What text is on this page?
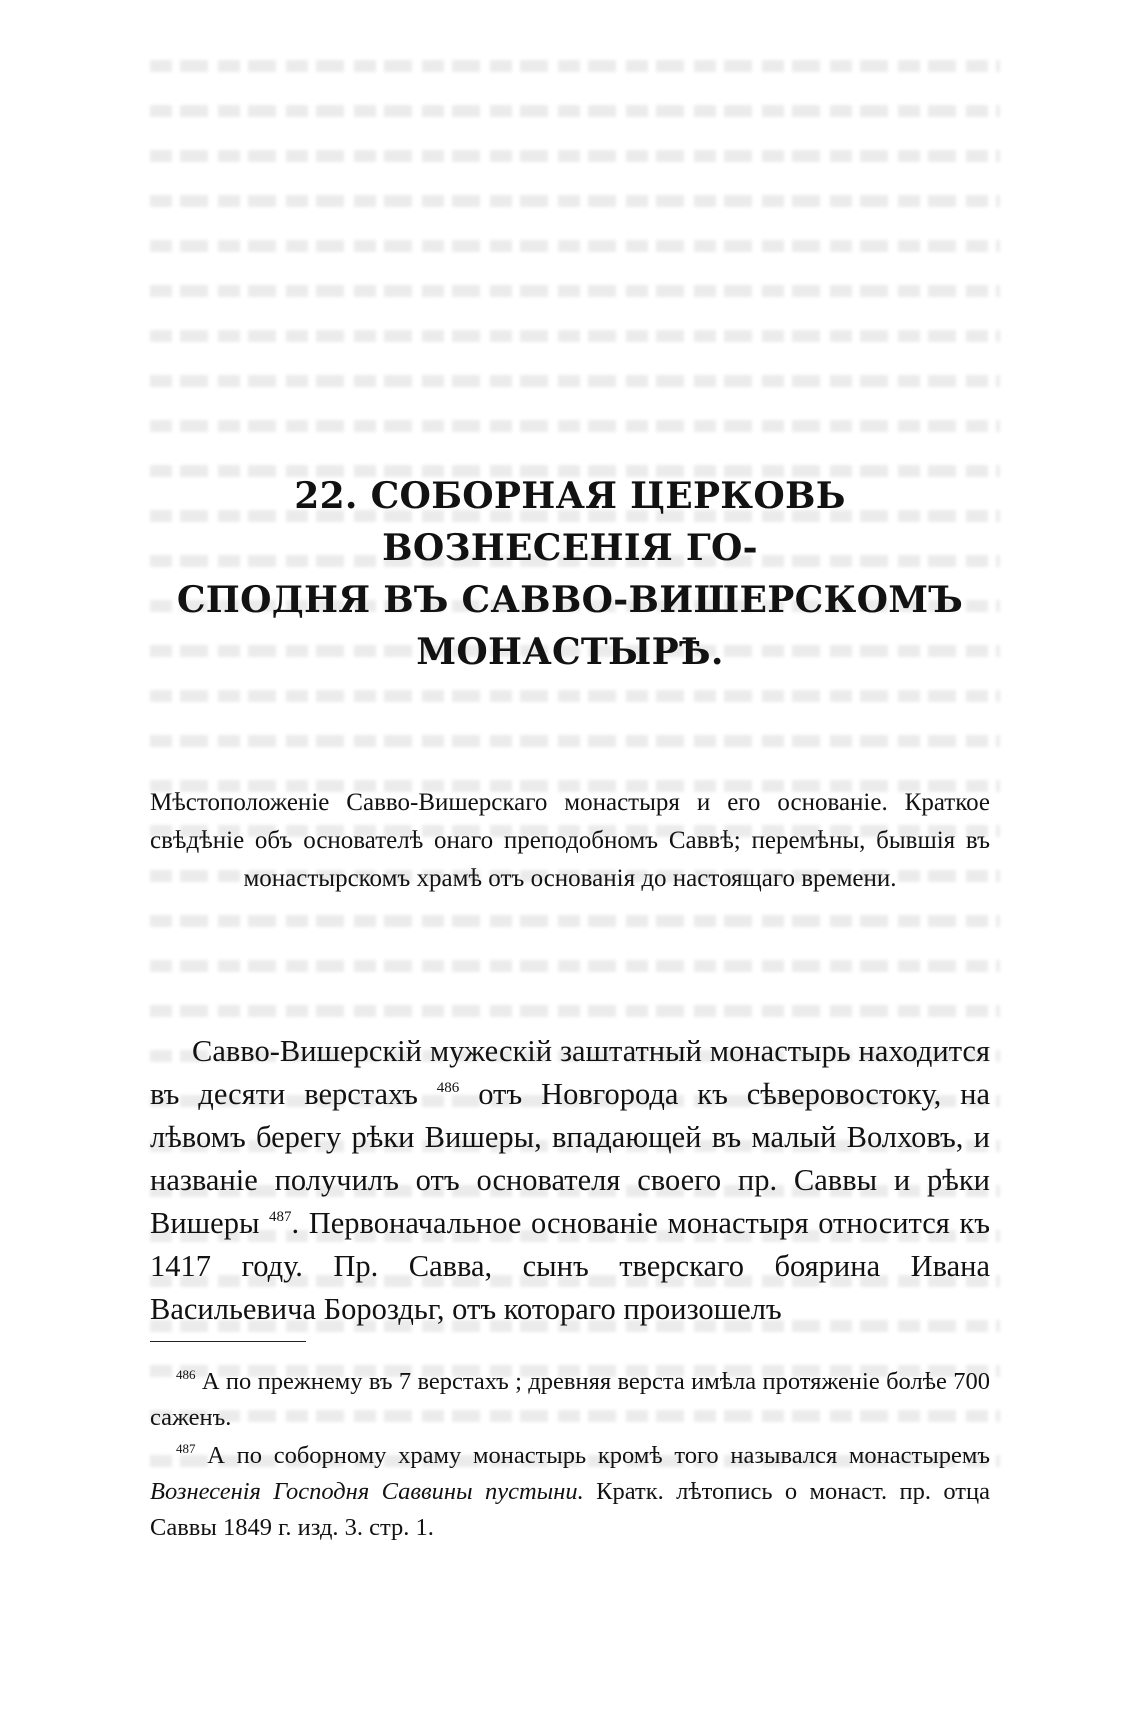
22. СОБОРНАЯ ЦЕРКОВЬ ВОЗНЕСЕНІЯ ГО-
СПОДНЯ ВЪ САВВО-ВИШЕРСКОМЪ
МОНАСТЫРѢ.
Мѣстоположеніе Савво-Вишерскаго монастыря и его основаніе. Краткое свѣдѣніе объ основателѣ онаго преподобномъ Саввѣ; перемѣны, бывшія въ монастырскомъ храмѣ отъ основанія до настоящаго времени.

Савво-Вишерскій мужескій заштатный монастырь находится въ десяти верстахъ $^{486}$ отъ Новгорода къ сѣверовостоку, на лѣвомъ берегу рѣки Вишеры, впадающей въ малый Волховъ, и названіе получилъ отъ основателя своего пр. Саввы и рѣки Вишеры $^{487}$. Первоначальное основаніе монастыря относится къ 1417 году. Пр. Савва, сынъ тверскаго боярина Ивана Васильевича Бороздьг, отъ котораго произошелъ

$^{486}$ А по прежнему въ 7 верстахъ ; древняя верста имѣла протяженіе болѣе 700 саженъ.

$^{487}$ А по соборному храму монастырь кромѣ того назывался монастыремъ Вознесенія Господня Саввины пустыни. Кратк. лѣтопись о монаст. пр. отца Саввы 1849 г. изд. 3. стр. 1.
